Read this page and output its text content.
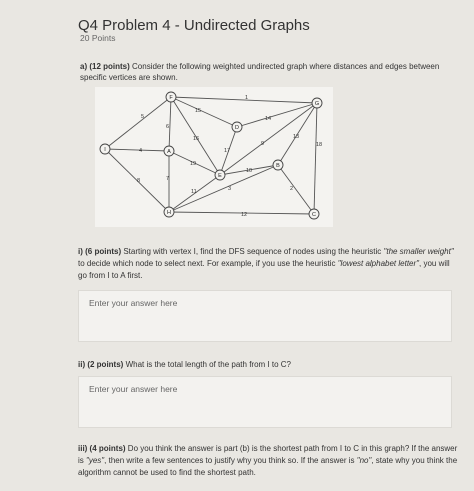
Q4 Problem 4 - Undirected Graphs
20 Points
a) (12 points) Consider the following weighted undirected graph where distances and edges between specific vertices are shown.
15
1
14
5
6
16
9
13
18
4	17
19
10
8	7
11	3	2
12
F
G
D
I	A
E
B
H	C
i) (6 points) Starting with vertex I, find the DFS sequence of nodes using the heuristic "the smaller weight" to decide which node to select next. For example, if you use the heuristic "lowest alphabet letter", you will go from I to A first.
Enter your answer here
ii) (2 points) What is the total length of the path from I to C?
Enter your answer here
iii) (4 points) Do you think the answer is part (b) is the shortest path from I to C in this graph? If the answer is "yes", then write a few sentences to justify why you think so. If the answer is "no", state why you think the algorithm cannot be used to find the shortest path.
